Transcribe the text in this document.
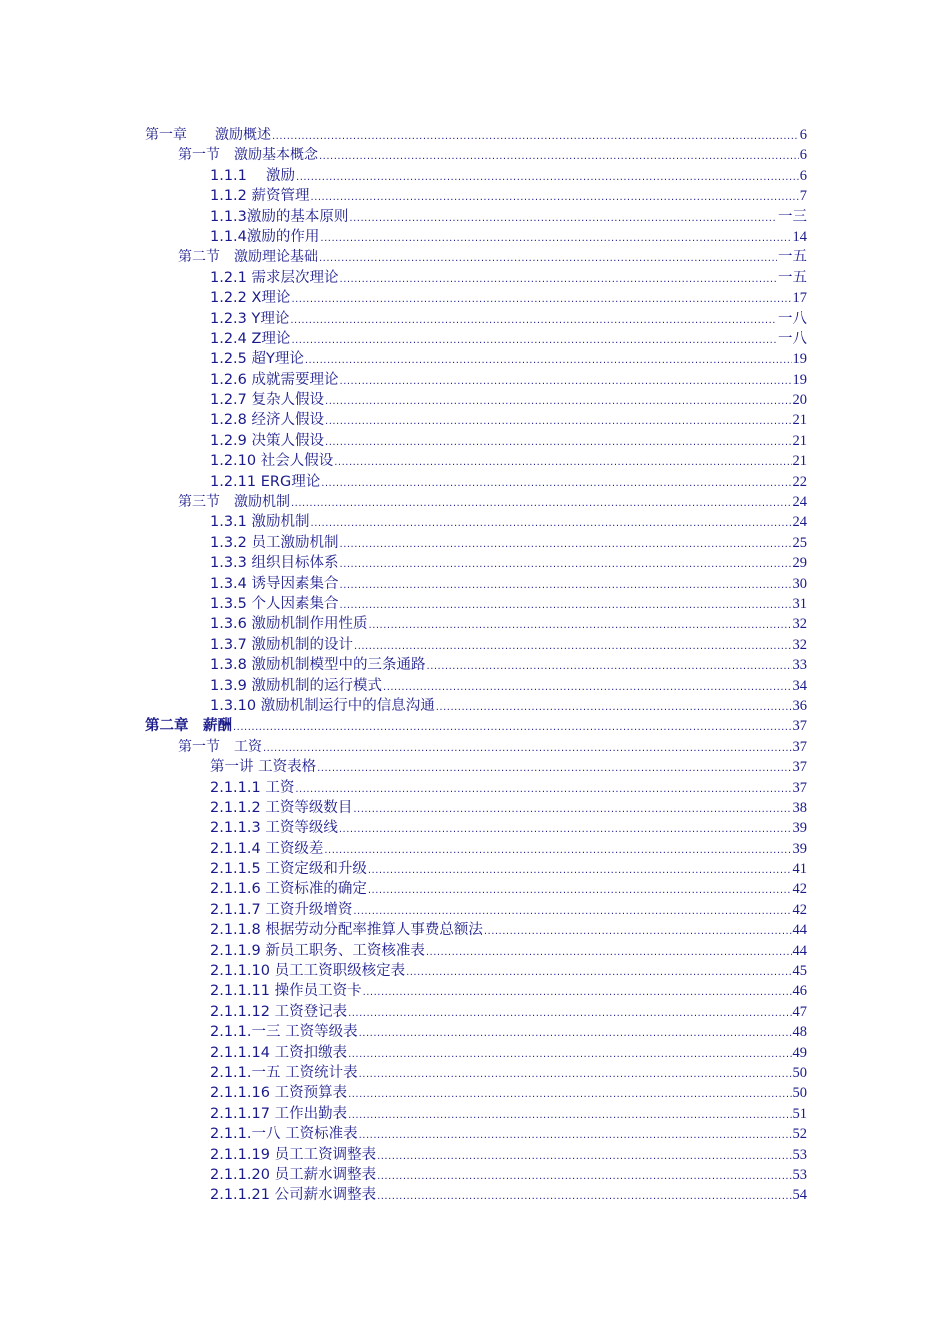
第一章　　激励概述 .....	6
第一节　激励基本概念 .....	6
1.1.1　 激励 .....	6
1.1.2 薪资管理 .....	7
1.1.3激励的基本原则 .....	一三
1.1.4激励的作用 .....	14
第二节　激励理论基础 .....	一五
1.2.1 需求层次理论 .....	一五
1.2.2 X理论 .....	17
1.2.3 Y理论 .....	一八
1.2.4 Z理论 .....	一八
1.2.5 超Y理论 .....	19
1.2.6 成就需要理论 .....	19
1.2.7 复杂人假设 .....	20
1.2.8 经济人假设 .....	21
1.2.9 决策人假设 .....	21
1.2.10 社会人假设 .....	21
1.2.11 ERG理论 .....	22
第三节　激励机制 .....	24
1.3.1 激励机制 .....	24
1.3.2 员工激励机制 .....	25
1.3.3 组织目标体系 .....	29
1.3.4 诱导因素集合 .....	30
1.3.5 个人因素集合 .....	31
1.3.6 激励机制作用性质 .....	32
1.3.7 激励机制的设计 .....	32
1.3.8 激励机制模型中的三条通路 .....	33
1.3.9 激励机制的运行模式 .....	34
1.3.10 激励机制运行中的信息沟通 .....	36
第二章　薪酬 .....	37
第一节　工资 .....	37
第一讲 工资表格 .....	37
2.1.1.1 工资 .....	37
2.1.1.2 工资等级数目 .....	38
2.1.1.3 工资等级线 .....	39
2.1.1.4 工资级差 .....	39
2.1.1.5 工资定级和升级 .....	41
2.1.1.6 工资标准的确定 .....	42
2.1.1.7 工资升级增资 .....	42
2.1.1.8 根据劳动分配率推算人事费总额法 .....	44
2.1.1.9 新员工职务、工资核准表 .....	44
2.1.1.10 员工工资职级核定表 .....	45
2.1.1.11 操作员工资卡 .....	46
2.1.1.12 工资登记表 .....	47
2.1.1.一三 工资等级表 .....	48
2.1.1.14 工资扣缴表 .....	49
2.1.1.一五 工资统计表 .....	50
2.1.1.16 工资预算表 .....	50
2.1.1.17 工作出勤表 .....	51
2.1.1.一八 工资标准表 .....	52
2.1.1.19 员工工资调整表 .....	53
2.1.1.20 员工薪水调整表 .....	53
2.1.1.21 公司薪水调整表 .....	54
